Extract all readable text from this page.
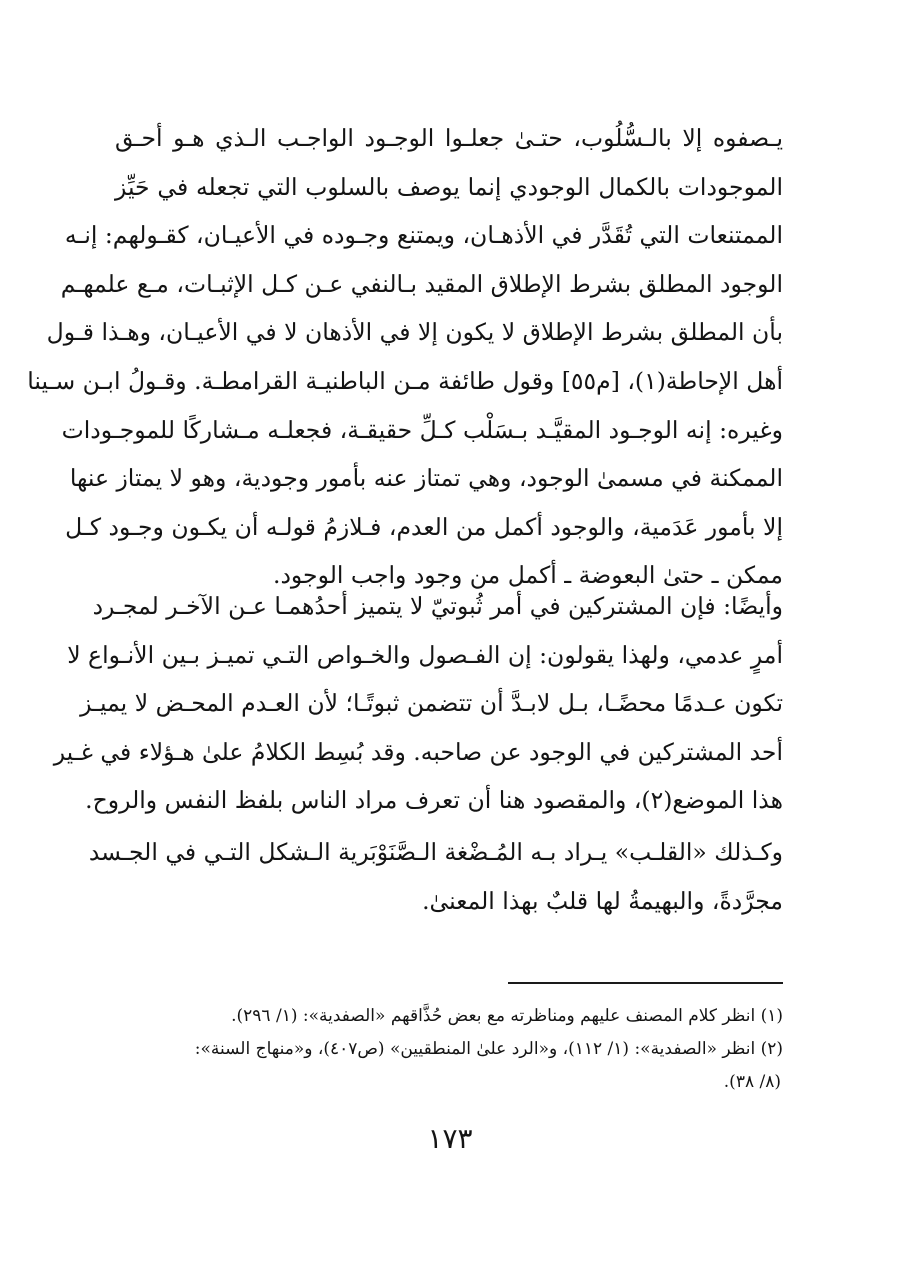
يـصفوه إلا بالـسُّلُوب، حتـىٰ جعلـوا الوجـود الواجـب الـذي هـو أحـق
الموجودات بالكمال الوجودي إنما يوصف بالسلوب التي تجعله في حَيِّز
الممتنعات التي تُقَدَّر في الأذهـان، ويمتنع وجـوده في الأعيـان، كقـولهم: إنـه
الوجود المطلق بشرط الإطلاق المقيد بـالنفي عـن كـل الإثبـات، مـع علمهـم
بأن المطلق بشرط الإطلاق لا يكون إلا في الأذهان لا في الأعيـان، وهـذا قـول
أهل الإحاطة(١)، [م٥٥] وقول طائفة مـن الباطنيـة القرامطـة. وقـولُ ابـن سـينا
وغيره: إنه الوجـود المقيَّـد بـسَلْب كـلِّ حقيقـة، فجعلـه مـشاركًا للموجـودات
الممكنة في مسمىٰ الوجود، وهي تمتاز عنه بأمور وجودية، وهو لا يمتاز عنها
إلا بأمور عَدَمية، والوجود أكمل من العدم، فـلازمُ قولـه أن يكـون وجـود كـل
ممكن ـ حتىٰ البعوضة ـ أكمل من وجود واجب الوجود.
وأيضًا: فإن المشتركين في أمر ثُبوتيّ لا يتميز أحدُهمـا عـن الآخـر لمجـرد
أمرٍ عدمي، ولهذا يقولون: إن الفـصول والخـواص التـي تميـز بـين الأنـواع لا
تكون عـدمًا محضًـا، بـل لابـدَّ أن تتضمن ثبوتًـا؛ لأن العـدم المحـض لا يميـز
أحد المشتركين في الوجود عن صاحبه. وقد بُسِط الكلامُ علىٰ هـؤلاء في غـير
هذا الموضع(٢)، والمقصود هنا أن تعرف مراد الناس بلفظ النفس والروح.
وكـذلك «القلـب» يـراد بـه المُـضْغة الـصَّنَوْبَرية الـشكل التـي في الجـسد
مجرَّدةً، والبهيمةُ لها قلبٌ بهذا المعنىٰ.
(١) انظر كلام المصنف عليهم ومناظرته مع بعض حُذَّاقهم «الصفدية»: (١/ ٢٩٦).
(٢) انظر «الصفدية»: (١/ ١١٢)، و«الرد علىٰ المنطقيين» (ص٤٠٧)، و«منهاج السنة»:
(٨/ ٣٨).
١٧٣
